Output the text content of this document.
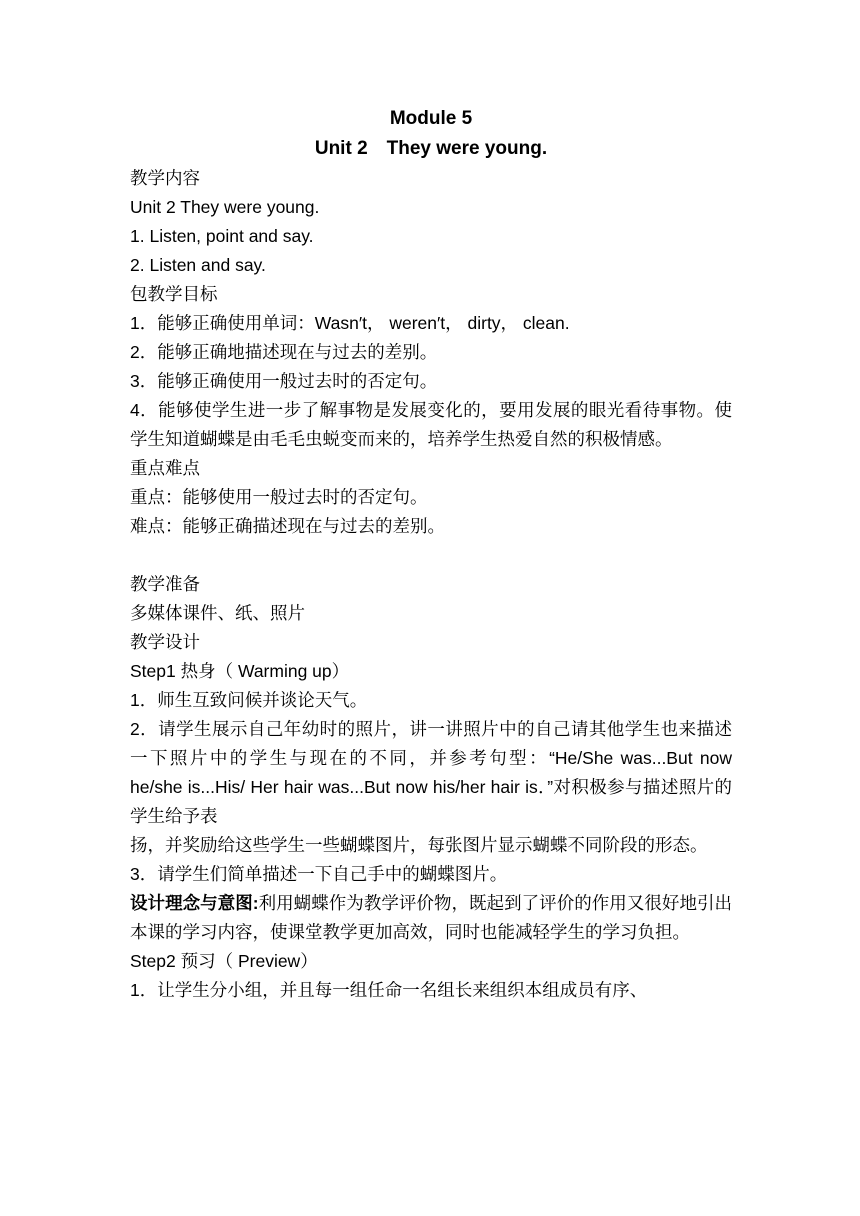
Module 5
Unit 2　They were young.
教学内容
Unit 2 They were young.
1. Listen, point and say.
2. Listen and say.
包教学目标
1．能够正确使用单词：Wasn′t， weren′t， dirty， clean.
2．能够正确地描述现在与过去的差别。
3．能够正确使用一般过去时的否定句。
4．能够使学生进一步了解事物是发展变化的，要用发展的眼光看待事物。使学生知道蝴蝶是由毛毛虫蜕变而来的，培养学生热爱自然的积极情感。
重点难点
重点：能够使用一般过去时的否定句。
难点：能够正确描述现在与过去的差别。
教学准备
多媒体课件、纸、照片
教学设计
Step1 热身（ Warming up）
1．师生互致问候并谈论天气。
2．请学生展示自己年幼时的照片，讲一讲照片中的自己请其他学生也来描述一下照片中的学生与现在的不同，并参考句型：“He/She was...But now he/she is...His/ Her hair was...But now his/her hair is．”对积极参与描述照片的学生给予表
扬，并奖励给这些学生一些蝴蝶图片，每张图片显示蝴蝶不同阶段的形态。
3．请学生们简单描述一下自己手中的蝴蝶图片。
设计理念与意图:利用蝴蝶作为教学评价物，既起到了评价的作用又很好地引出本课的学习内容，使课堂教学更加高效，同时也能减轻学生的学习负担。
Step2 预习（ Preview）
1．让学生分小组，并且每一组任命一名组长来组织本组成员有序、
